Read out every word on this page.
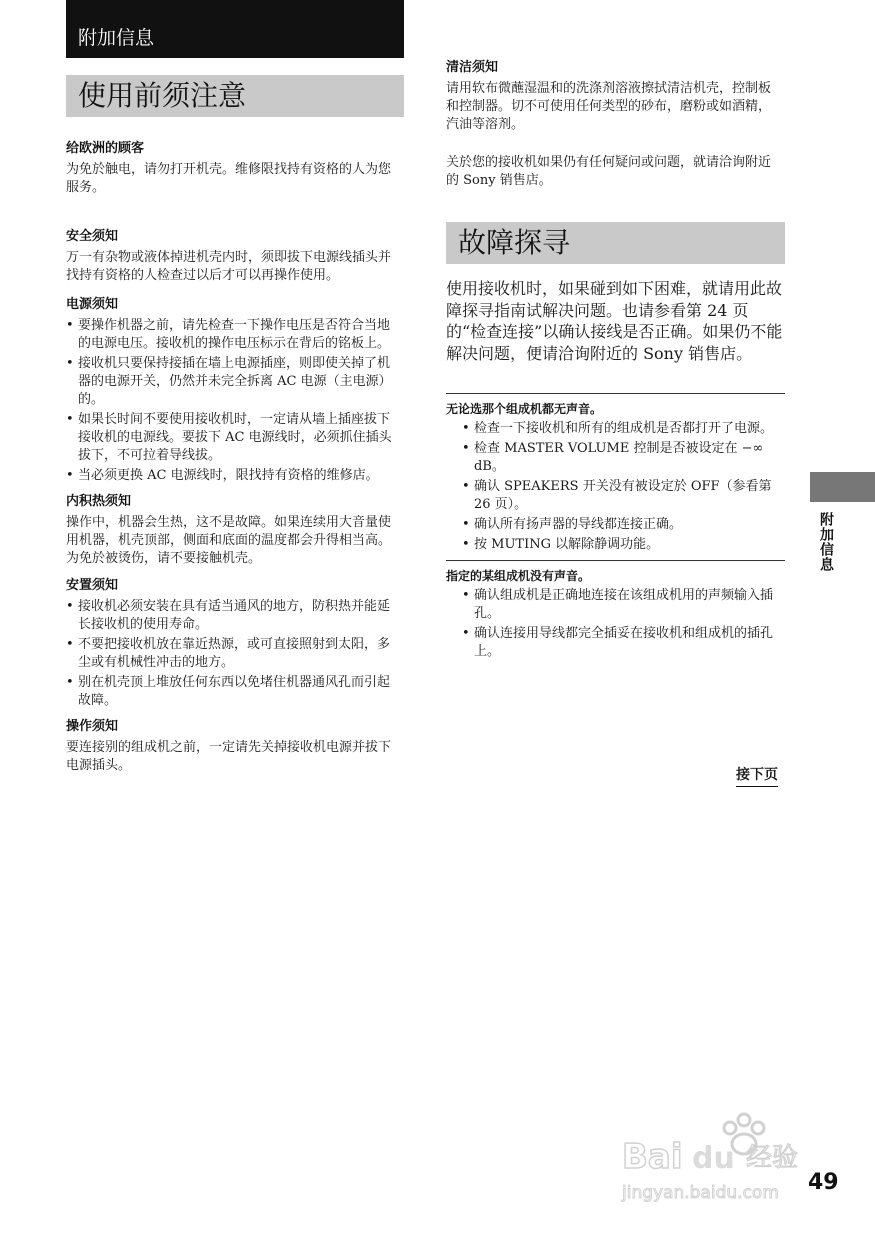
附加信息
使用前须注意
给欧洲的顾客

为免於触电，请勿打开机壳。维修限找持有资格的人为您服务。

安全须知

万一有杂物或液体掉进机壳内时，须即拔下电源线插头并找持有资格的人检查过以后才可以再操作使用。

电源须知
• 要操作机器之前，请先检查一下操作电压是否符合当地的电源电压。接收机的操作电压标示在背后的铭板上。
• 接收机只要保持接插在墙上电源插座，则即使关掉了机器的电源开关，仍然并未完全拆离 AC 电源（主电源）的。
• 如果长时间不要使用接收机时，一定请从墙上插座拔下接收机的电源线。要拔下 AC 电源线时，必须抓住插头拔下，不可拉着导线拔。
• 当必须更换 AC 电源线时，限找持有资格的维修店。
内积热须知

操作中，机器会生热，这不是故障。如果连续用大音量使用机器，机壳顶部，侧面和底面的温度都会升得相当高。为免於被烫伤，请不要接触机壳。

安置须知
• 接收机必须安装在具有适当通风的地方，防积热并能延长接收机的使用寿命。
• 不要把接收机放在靠近热源，或可直接照射到太阳，多尘或有机械性冲击的地方。
• 别在机壳顶上堆放任何东西以免堵住机器通风孔而引起故障。
操作须知

要连接别的组成机之前，一定请先关掉接收机电源并拔下电源插头。

清洁须知

请用软布微蘸湿温和的洗涤剂溶液擦拭清洁机壳，控制板和控制器。切不可使用任何类型的砂布，磨粉或如酒精，汽油等溶剂。

关於您的接收机如果仍有任何疑问或问题，就请洽询附近的 Sony 销售店。

故障探寻

使用接收机时，如果碰到如下困难，就请用此故障探寻指南试解决问题。也请参看第 24 页的“检查连接”以确认接线是否正确。如果仍不能解决问题，便请洽询附近的 Sony 销售店。

无论选那个组成机都无声音。
• 检查一下接收机和所有的组成机是否都打开了电源。
• 检查 MASTER VOLUME 控制是否被设定在 −∞ dB。
• 确认 SPEAKERS 开关没有被设定於 OFF（参看第 26 页）。
• 确认所有扬声器的导线都连接正确。
• 按 MUTING 以解除静调功能。
指定的某组成机没有声音。
• 确认组成机是正确地连接在该组成机用的声频输入插孔。
• 确认连接用导线都完全插妥在接收机和组成机的插孔上。
接下页
附加信息
Bai du 经验
jingyan.baidu.com 49
